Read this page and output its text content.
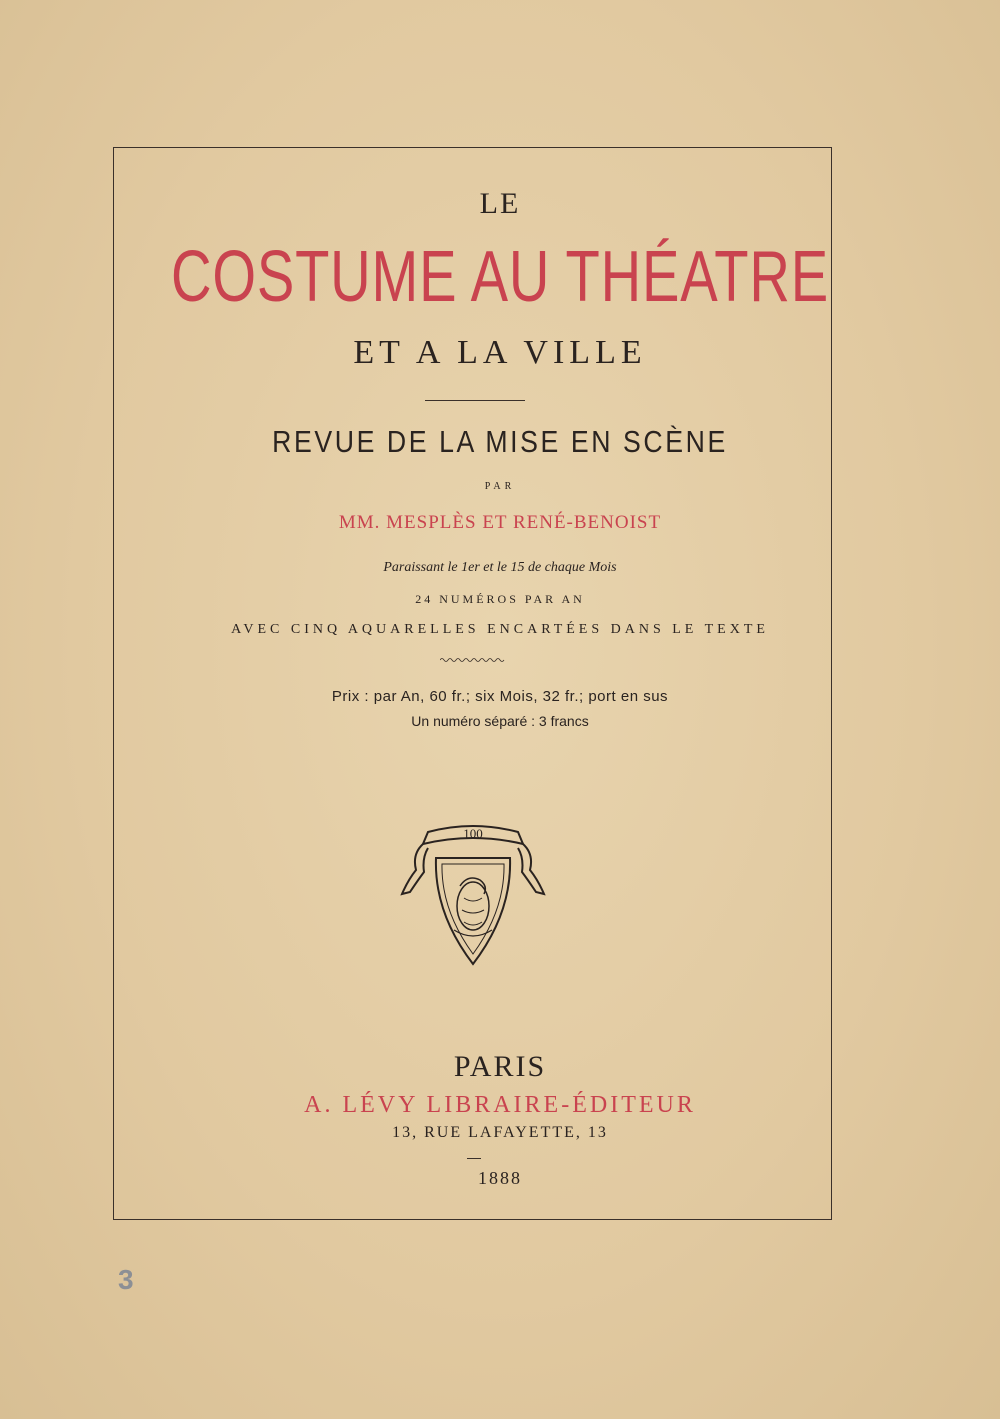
LE
COSTUME AU THÉATRE
ET A LA VILLE
REVUE DE LA MISE EN SCÈNE
PAR
MM. MESPLÈS ET RENÉ-BENOIST
Paraissant le 1er et le 15 de chaque Mois
24 NUMÉROS PAR AN
AVEC CINQ AQUARELLES ENCARTÉES DANS LE TEXTE
Prix : par An, 60 fr.; six Mois, 32 fr.; port en sus
Un numéro séparé : 3 francs
100
PARIS
A. LÉVY LIBRAIRE-ÉDITEUR
13, RUE LAFAYETTE, 13
1888
3
